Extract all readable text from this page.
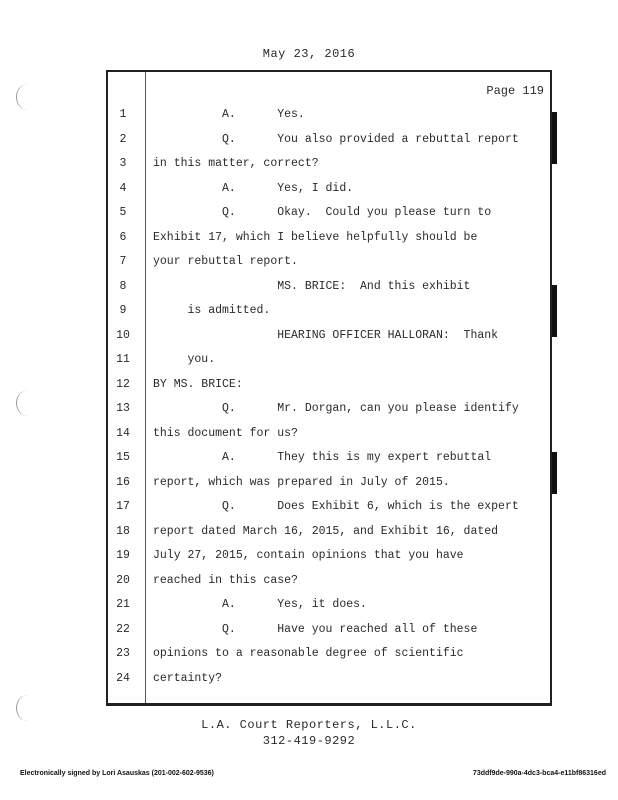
May 23, 2016
Page 119
1	A.      Yes.
2	Q.      You also provided a rebuttal report
3	in this matter, correct?
4	A.      Yes, I did.
5	Q.      Okay.  Could you please turn to
6	Exhibit 17, which I believe helpfully should be
7	your rebuttal report.
8	MS. BRICE:  And this exhibit
9	is admitted.
10	HEARING OFFICER HALLORAN:  Thank
11	you.
12	BY MS. BRICE:
13	Q.      Mr. Dorgan, can you please identify
14	this document for us?
15	A.      They this is my expert rebuttal
16	report, which was prepared in July of 2015.
17	Q.      Does Exhibit 6, which is the expert
18	report dated March 16, 2015, and Exhibit 16, dated
19	July 27, 2015, contain opinions that you have
20	reached in this case?
21	A.      Yes, it does.
22	Q.      Have you reached all of these
23	opinions to a reasonable degree of scientific
24	certainty?
L.A. Court Reporters, L.L.C.
312-419-9292
Electronically signed by Lori Asauskas (201-002-602-9536)	73ddf9de-990a-4dc3-bca4-e11bf86316ed
